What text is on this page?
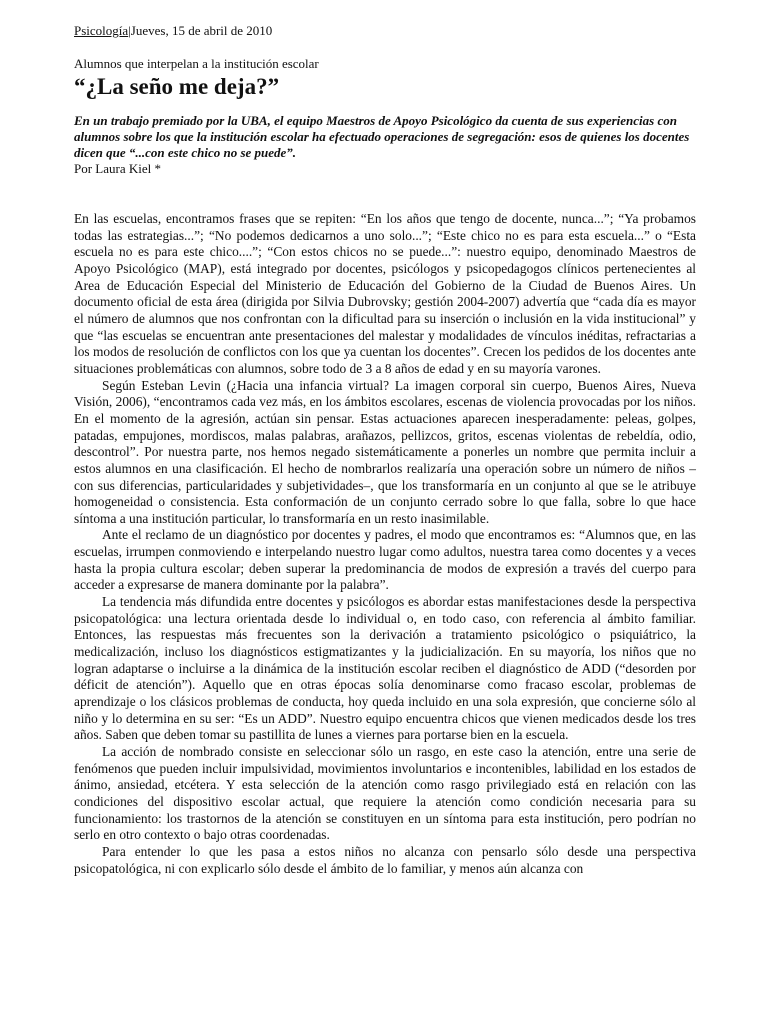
Psicología|Jueves, 15 de abril de 2010
Alumnos que interpelan a la institución escolar
“¿La seño me deja?”
En un trabajo premiado por la UBA, el equipo Maestros de Apoyo Psicológico da cuenta de sus experiencias con alumnos sobre los que la institución escolar ha efectuado operaciones de segregación: esos de quienes los docentes dicen que “...con este chico no se puede”.
Por Laura Kiel *

En las escuelas, encontramos frases que se repiten: “En los años que tengo de docente, nunca...”; “Ya probamos todas las estrategias...”; “No podemos dedicarnos a uno solo...”; “Este chico no es para esta escuela...” o “Esta escuela no es para este chico....”; “Con estos chicos no se puede...”: nuestro equipo, denominado Maestros de Apoyo Psicológico (MAP), está integrado por docentes, psicólogos y psicopedagogos clínicos pertenecientes al Area de Educación Especial del Ministerio de Educación del Gobierno de la Ciudad de Buenos Aires. Un documento oficial de esta área (dirigida por Silvia Dubrovsky; gestión 2004-2007) advertía que “cada día es mayor el número de alumnos que nos confrontan con la dificultad para su inserción o inclusión en la vida institucional” y que “las escuelas se encuentran ante presentaciones del malestar y modalidades de vínculos inéditas, refractarias a los modos de resolución de conflictos con los que ya cuentan los docentes”. Crecen los pedidos de los docentes ante situaciones problemáticas con alumnos, sobre todo de 3 a 8 años de edad y en su mayoría varones.

Según Esteban Levin (¿Hacia una infancia virtual? La imagen corporal sin cuerpo, Buenos Aires, Nueva Visión, 2006), “encontramos cada vez más, en los ámbitos escolares, escenas de violencia provocadas por los niños. En el momento de la agresión, actúan sin pensar. Estas actuaciones aparecen inesperadamente: peleas, golpes, patadas, empujones, mordiscos, malas palabras, arañazos, pellizcos, gritos, escenas violentas de rebeldía, odio, descontrol”. Por nuestra parte, nos hemos negado sistemáticamente a ponerles un nombre que permita incluir a estos alumnos en una clasificación. El hecho de nombrarlos realizaría una operación sobre un número de niños –con sus diferencias, particularidades y subjetividades–, que los transformaría en un conjunto al que se le atribuye homogeneidad o consistencia. Esta conformación de un conjunto cerrado sobre lo que falla, sobre lo que hace síntoma a una institución particular, lo transformaría en un resto inasimilable.

Ante el reclamo de un diagnóstico por docentes y padres, el modo que encontramos es: “Alumnos que, en las escuelas, irrumpen conmoviendo e interpelando nuestro lugar como adultos, nuestra tarea como docentes y a veces hasta la propia cultura escolar; deben superar la predominancia de modos de expresión a través del cuerpo para acceder a expresarse de manera dominante por la palabra”.

La tendencia más difundida entre docentes y psicólogos es abordar estas manifestaciones desde la perspectiva psicopatológica: una lectura orientada desde lo individual o, en todo caso, con referencia al ámbito familiar. Entonces, las respuestas más frecuentes son la derivación a tratamiento psicológico o psiquiátrico, la medicalización, incluso los diagnósticos estigmatizantes y la judicialización. En su mayoría, los niños que no logran adaptarse o incluirse a la dinámica de la institución escolar reciben el diagnóstico de ADD (“desorden por déficit de atención”). Aquello que en otras épocas solía denominarse como fracaso escolar, problemas de aprendizaje o los clásicos problemas de conducta, hoy queda incluido en una sola expresión, que concierne sólo al niño y lo determina en su ser: “Es un ADD”. Nuestro equipo encuentra chicos que vienen medicados desde los tres años. Saben que deben tomar su pastillita de lunes a viernes para portarse bien en la escuela.

La acción de nombrado consiste en seleccionar sólo un rasgo, en este caso la atención, entre una serie de fenómenos que pueden incluir impulsividad, movimientos involuntarios e incontenibles, labilidad en los estados de ánimo, ansiedad, etcétera. Y esta selección de la atención como rasgo privilegiado está en relación con las condiciones del dispositivo escolar actual, que requiere la atención como condición necesaria para su funcionamiento: los trastornos de la atención se constituyen en un síntoma para esta institución, pero podrían no serlo en otro contexto o bajo otras coordenadas.

Para entender lo que les pasa a estos niños no alcanza con pensarlo sólo desde una perspectiva psicopatológica, ni con explicarlo sólo desde el ámbito de lo familiar, y menos aún alcanza con
